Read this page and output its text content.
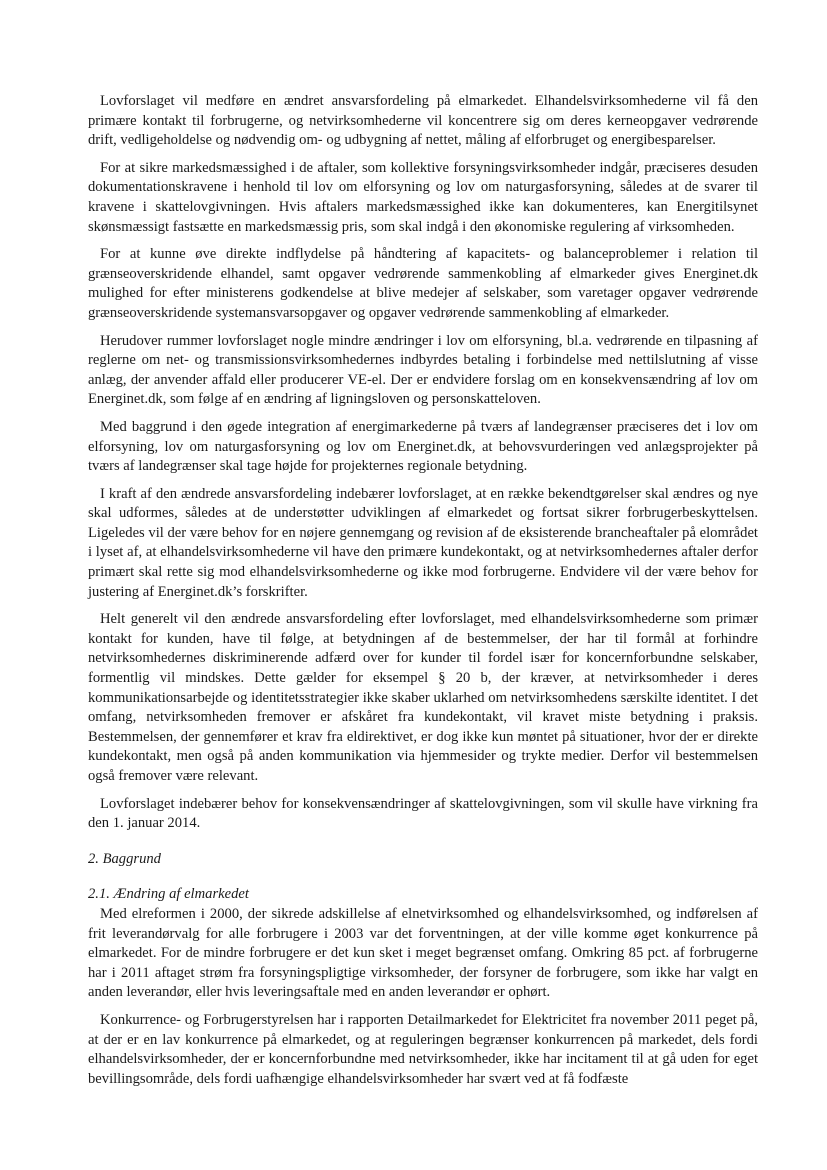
Lovforslaget vil medføre en ændret ansvarsfordeling på elmarkedet. Elhandelsvirksomhederne vil få den primære kontakt til forbrugerne, og netvirksomhederne vil koncentrere sig om deres kerneopgaver vedrørende drift, vedligeholdelse og nødvendig om- og udbygning af nettet, måling af elforbruget og energibesparelser.

For at sikre markedsmæssighed i de aftaler, som kollektive forsyningsvirksomheder indgår, præciseres desuden dokumentationskravene i henhold til lov om elforsyning og lov om naturgasforsyning, således at de svarer til kravene i skattelovgivningen. Hvis aftalers markedsmæssighed ikke kan dokumenteres, kan Energitilsynet skønsmæssigt fastsætte en markedsmæssig pris, som skal indgå i den økonomiske regulering af virksomheden.

For at kunne øve direkte indflydelse på håndtering af kapacitets- og balanceproblemer i relation til grænseoverskridende elhandel, samt opgaver vedrørende sammenkobling af elmarkeder gives Energinet.dk mulighed for efter ministerens godkendelse at blive medejer af selskaber, som varetager opgaver vedrørende grænseoverskridende systemansvarsopgaver og opgaver vedrørende sammenkobling af elmarkeder.

Herudover rummer lovforslaget nogle mindre ændringer i lov om elforsyning, bl.a. vedrørende en tilpasning af reglerne om net- og transmissionsvirksomhedernes indbyrdes betaling i forbindelse med nettilslutning af visse anlæg, der anvender affald eller producerer VE-el. Der er endvidere forslag om en konsekvensændring af lov om Energinet.dk, som følge af en ændring af ligningsloven og personskatteloven.

Med baggrund i den øgede integration af energimarkederne på tværs af landegrænser præciseres det i lov om elforsyning, lov om naturgasforsyning og lov om Energinet.dk, at behovsvurderingen ved anlægsprojekter på tværs af landegrænser skal tage højde for projekternes regionale betydning.

I kraft af den ændrede ansvarsfordeling indebærer lovforslaget, at en række bekendtgørelser skal ændres og nye skal udformes, således at de understøtter udviklingen af elmarkedet og fortsat sikrer forbrugerbeskyttelsen. Ligeledes vil der være behov for en nøjere gennemgang og revision af de eksisterende brancheaftaler på elområdet i lyset af, at elhandelsvirksomhederne vil have den primære kundekontakt, og at netvirksomhedernes aftaler derfor primært skal rette sig mod elhandelsvirksomhederne og ikke mod forbrugerne. Endvidere vil der være behov for justering af Energinet.dk’s forskrifter.

Helt generelt vil den ændrede ansvarsfordeling efter lovforslaget, med elhandelsvirksomhederne som primær kontakt for kunden, have til følge, at betydningen af de bestemmelser, der har til formål at forhindre netvirksomhedernes diskriminerende adfærd over for kunder til fordel især for koncernforbundne selskaber, formentlig vil mindskes. Dette gælder for eksempel § 20 b, der kræver, at netvirksomheder i deres kommunikationsarbejde og identitetsstrategier ikke skaber uklarhed om netvirksomhedens særskilte identitet. I det omfang, netvirksomheden fremover er afskåret fra kundekontakt, vil kravet miste betydning i praksis. Bestemmelsen, der gennemfører et krav fra eldirektivet, er dog ikke kun møntet på situationer, hvor der er direkte kundekontakt, men også på anden kommunikation via hjemmesider og trykte medier. Derfor vil bestemmelsen også fremover være relevant.

Lovforslaget indebærer behov for konsekvensændringer af skattelovgivningen, som vil skulle have virkning fra den 1. januar 2014.

2. Baggrund

2.1. Ændring af elmarkedet

Med elreformen i 2000, der sikrede adskillelse af elnetvirksomhed og elhandelsvirksomhed, og indførelsen af frit leverandørvalg for alle forbrugere i 2003 var det forventningen, at der ville komme øget konkurrence på elmarkedet. For de mindre forbrugere er det kun sket i meget begrænset omfang. Omkring 85 pct. af forbrugerne har i 2011 aftaget strøm fra forsyningspligtige virksomheder, der forsyner de forbrugere, som ikke har valgt en anden leverandør, eller hvis leveringsaftale med en anden leverandør er ophørt.

Konkurrence- og Forbrugerstyrelsen har i rapporten Detailmarkedet for Elektricitet fra november 2011 peget på, at der er en lav konkurrence på elmarkedet, og at reguleringen begrænser konkurrencen på markedet, dels fordi elhandelsvirksomheder, der er koncernforbundne med netvirksomheder, ikke har incitament til at gå uden for eget bevillingsområde, dels fordi uafhængige elhandelsvirksomheder har svært ved at få fodfæste
